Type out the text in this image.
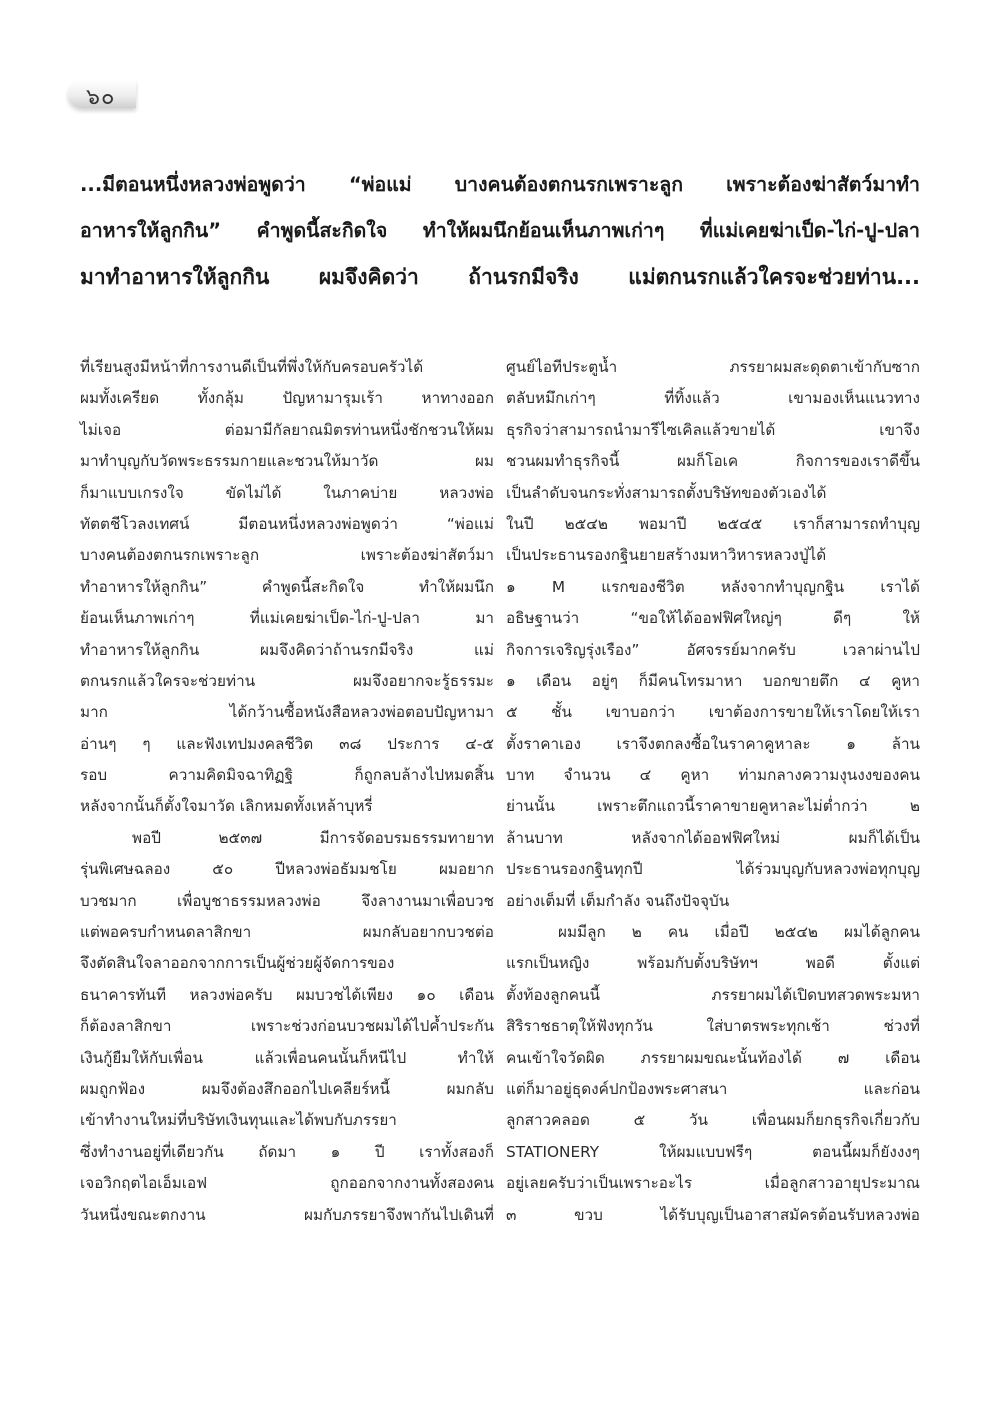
๖๐
...มีตอนหนึ่งหลวงพ่อพูดว่า “พ่อแม่ บางคนต้องตกนรกเพราะลูก เพราะต้องฆ่าสัตว์มาทำ
อาหารให้ลูกกิน” คำพูดนี้สะกิดใจ ทำให้ผมนึกย้อนเห็นภาพเก่าๆ ที่แม่เคยฆ่าเป็ด-ไก่-ปู-ปลา
มาทำอาหารให้ลูกกิน ผมจึงคิดว่า ถ้านรกมีจริง แม่ตกนรกแล้วใครจะช่วยท่าน...
ที่เรียนสูงมีหน้าที่การงานดีเป็นที่พึ่งให้กับครอบครัวได้
ผมทั้งเครียด ทั้งกลุ้ม ปัญหามารุมเร้า หาทางออก
ไม่เจอ ต่อมามีกัลยาณมิตรท่านหนึ่งชักชวนให้ผม
มาทำบุญกับวัดพระธรรมกายและชวนให้มาวัด ผม
ก็มาแบบเกรงใจ ขัดไม่ได้ ในภาคบ่าย หลวงพ่อ
ทัตตชีโวลงเทศน์ มีตอนหนึ่งหลวงพ่อพูดว่า “พ่อแม่
บางคนต้องตกนรกเพราะลูก เพราะต้องฆ่าสัตว์มา
ทำอาหารให้ลูกกิน” คำพูดนี้สะกิดใจ ทำให้ผมนึก
ย้อนเห็นภาพเก่าๆ ที่แม่เคยฆ่าเป็ด-ไก่-ปู-ปลา มา
ทำอาหารให้ลูกกิน ผมจึงคิดว่าถ้านรกมีจริง แม่
ตกนรกแล้วใครจะช่วยท่าน ผมจึงอยากจะรู้ธรรมะ
มาก ได้กว้านซื้อหนังสือหลวงพ่อตอบปัญหามา
อ่านๆ ๆ และฟังเทปมงคลชีวิต ๓๘ ประการ ๔-๕
รอบ ความคิดมิจฉาทิฏฐิ ก็ถูกลบล้างไปหมดสิ้น
หลังจากนั้นก็ตั้งใจมาวัด เลิกหมดทั้งเหล้าบุหรี่
พอปี ๒๕๓๗ มีการจัดอบรมธรรมทายาท
รุ่นพิเศษฉลอง ๕๐ ปีหลวงพ่อธัมมชโย ผมอยาก
บวชมาก เพื่อบูชาธรรมหลวงพ่อ จึงลางานมาเพื่อบวช
แต่พอครบกำหนดลาสิกขา ผมกลับอยากบวชต่อ
จึงตัดสินใจลาออกจากการเป็นผู้ช่วยผู้จัดการของ
ธนาคารทันที หลวงพ่อครับ ผมบวชได้เพียง ๑๐ เดือน
ก็ต้องลาสิกขา เพราะช่วงก่อนบวชผมได้ไปค้ำประกัน
เงินกู้ยืมให้กับเพื่อน แล้วเพื่อนคนนั้นก็หนีไป ทำให้
ผมถูกฟ้อง ผมจึงต้องสึกออกไปเคลียร์หนี้ ผมกลับ
เข้าทำงานใหม่ที่บริษัทเงินทุนและได้พบกับภรรยา
ซึ่งทำงานอยู่ที่เดียวกัน ถัดมา ๑ ปี เราทั้งสองก็
เจอวิกฤตไอเอ็มเอฟ ถูกออกจากงานทั้งสองคน
วันหนึ่งขณะตกงาน ผมกับภรรยาจึงพากันไปเดินที่
ศูนย์ไอทีประตูน้ำ ภรรยาผมสะดุดตาเข้ากับซาก
ตลับหมึกเก่าๆ ที่ทิ้งแล้ว เขามองเห็นแนวทาง
ธุรกิจว่าสามารถนำมารีไซเคิลแล้วขายได้ เขาจึง
ชวนผมทำธุรกิจนี้ ผมก็โอเค กิจการของเราดีขึ้น
เป็นลำดับจนกระทั่งสามารถตั้งบริษัทของตัวเองได้
ในปี ๒๕๔๒ พอมาปี ๒๕๔๕ เราก็สามารถทำบุญ
เป็นประธานรองกฐินยายสร้างมหาวิหารหลวงปู่ได้
๑ M แรกของชีวิต หลังจากทำบุญกฐิน เราได้
อธิษฐานว่า “ขอให้ได้ออฟฟิศใหญ่ๆ ดีๆ ให้
กิจการเจริญรุ่งเรือง” อัศจรรย์มากครับ เวลาผ่านไป
๑ เดือน อยู่ๆ ก็มีคนโทรมาหา บอกขายตึก ๔ คูหา
๕ ชั้น เขาบอกว่า เขาต้องการขายให้เราโดยให้เรา
ตั้งราคาเอง เราจึงตกลงซื้อในราคาคูหาละ ๑ ล้าน
บาท จำนวน ๔ คูหา ท่ามกลางความงุนงงของคน
ย่านนั้น เพราะตึกแถวนี้ราคาขายคูหาละไม่ต่ำกว่า ๒
ล้านบาท หลังจากได้ออฟฟิศใหม่ ผมก็ได้เป็น
ประธานรองกฐินทุกปี ได้ร่วมบุญกับหลวงพ่อทุกบุญ
อย่างเต็มที่ เต็มกำลัง จนถึงปัจจุบัน
ผมมีลูก ๒ คน เมื่อปี ๒๕๔๒ ผมได้ลูกคน
แรกเป็นหญิง พร้อมกับตั้งบริษัทฯ พอดี ตั้งแต่
ตั้งท้องลูกคนนี้ ภรรยาผมได้เปิดบทสวดพระมหา
สิริราชธาตุให้ฟังทุกวัน ใส่บาตรพระทุกเช้า ช่วงที่
คนเข้าใจวัดผิด ภรรยาผมขณะนั้นท้องได้ ๗ เดือน
แต่ก็มาอยู่ธุดงค์ปกป้องพระศาสนา และก่อน
ลูกสาวคลอด ๕ วัน เพื่อนผมก็ยกธุรกิจเกี่ยวกับ
STATIONERY ให้ผมแบบฟรีๆ ตอนนี้ผมก็ยังงงๆ
อยู่เลยครับว่าเป็นเพราะอะไร เมื่อลูกสาวอายุประมาณ
๓ ขวบ ได้รับบุญเป็นอาสาสมัครต้อนรับหลวงพ่อ
